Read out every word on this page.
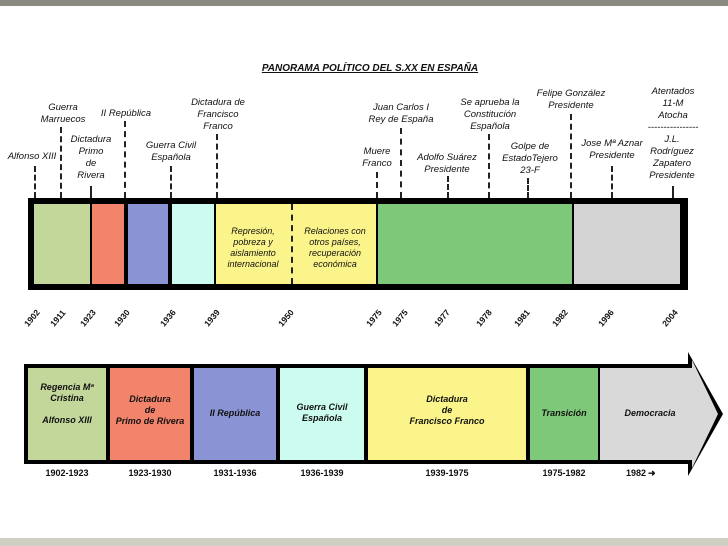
PANORAMA POLÍTICO DEL S.XX EN ESPAÑA
Guerra
Marruecos
II República
Dictadura de
Francisco
Franco
Juan Carlos I
Rey de España
Se aprueba la
Constitución
Española
Felipe González
Presidente
Atentados
11-M
Atocha
----------------
Alfonso XIII
Dictadura
Primo
de
Rivera
Guerra Civil
Española
Muere
Franco
Adolfo Suárez
Presidente
Golpe de
EstadoTejero
23-F
Jose Mª Aznar
Presidente
J.L.
Rodríguez
Zapatero
Presidente
Represión,
pobreza y
aislamiento
internacional
Relaciones con
otros países,
recuperación
económica
1902 1911 1923 1930	1936	1939	1950	1975 1975	1977	1978 1981 1982	1996	2004
Regencia Mª
Cristina

Alfonso XIII
Dictadura
de
Primo de Rivera
II República
Guerra Civil
Española
Dictadura
de
Francisco Franco
Transición	Democracia
1902-1923	1923-1930	1931-1936	1936-1939	1939-1975	1975-1982	1982 ➜
